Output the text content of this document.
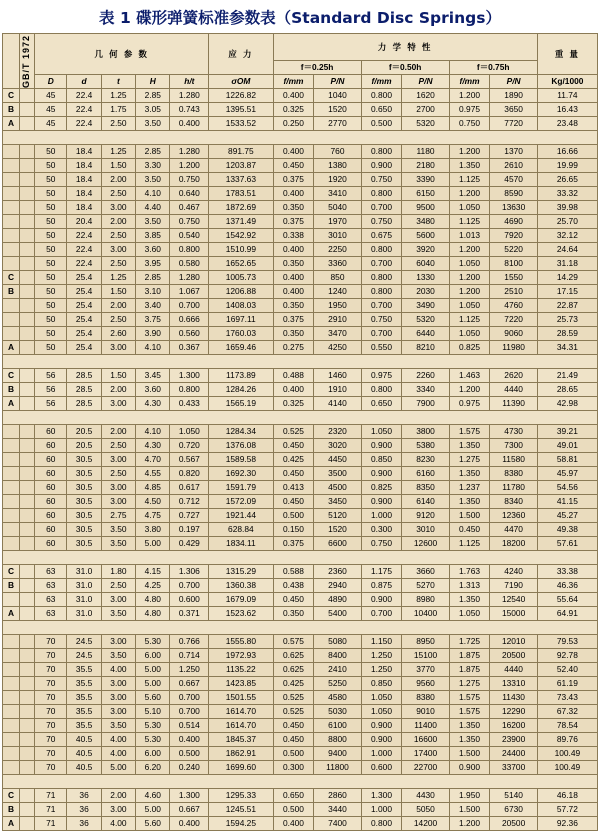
表 1 碟形弹簧标准参数表（Standard Disc Springs）

	GB/T 1972	几 何 参 数					应 力	力 学 特 性						重 量
								f＝0.25h		f＝0.50h		f＝0.75h		
		D	d	t	H	h/t	σOM	f/mm	P/N	f/mm	P/N	f/mm	P/N	Kg/1000
C		45	22.4	1.25	2.85	1.280	1226.82	0.400	1040	0.800	1620	1.200	1890	11.74
B		45	22.4	1.75	3.05	0.743	1395.51	0.325	1520	0.650	2700	0.975	3650	16.43
A		45	22.4	2.50	3.50	0.400	1533.52	0.250	2770	0.500	5320	0.750	7720	23.48

		50	18.4	1.25	2.85	1.280	891.75	0.400	760	0.800	1180	1.200	1370	16.66
		50	18.4	1.50	3.30	1.200	1203.87	0.450	1380	0.900	2180	1.350	2610	19.99
		50	18.4	2.00	3.50	0.750	1337.63	0.375	1920	0.750	3390	1.125	4570	26.65
		50	18.4	2.50	4.10	0.640	1783.51	0.400	3410	0.800	6150	1.200	8590	33.32
		50	18.4	3.00	4.40	0.467	1872.69	0.350	5040	0.700	9500	1.050	13630	39.98
		50	20.4	2.00	3.50	0.750	1371.49	0.375	1970	0.750	3480	1.125	4690	25.70
		50	22.4	2.50	3.85	0.540	1542.92	0.338	3010	0.675	5600	1.013	7920	32.12
		50	22.4	3.00	3.60	0.800	1510.99	0.400	2250	0.800	3920	1.200	5220	24.64
		50	22.4	2.50	3.95	0.580	1652.65	0.350	3360	0.700	6040	1.050	8100	31.18
C		50	25.4	1.25	2.85	1.280	1005.73	0.400	850	0.800	1330	1.200	1550	14.29
B		50	25.4	1.50	3.10	1.067	1206.88	0.400	1240	0.800	2030	1.200	2510	17.15
		50	25.4	2.00	3.40	0.700	1408.03	0.350	1950	0.700	3490	1.050	4760	22.87
		50	25.4	2.50	3.75	0.666	1697.11	0.375	2910	0.750	5320	1.125	7220	25.73
		50	25.4	2.60	3.90	0.560	1760.03	0.350	3470	0.700	6440	1.050	9060	28.59
A		50	25.4	3.00	4.10	0.367	1659.46	0.275	4250	0.550	8210	0.825	11980	34.31

C		56	28.5	1.50	3.45	1.300	1173.89	0.488	1460	0.975	2260	1.463	2620	21.49
B		56	28.5	2.00	3.60	0.800	1284.26	0.400	1910	0.800	3340	1.200	4440	28.65
A		56	28.5	3.00	4.30	0.433	1565.19	0.325	4140	0.650	7900	0.975	11390	42.98

		60	20.5	2.00	4.10	1.050	1284.34	0.525	2320	1.050	3800	1.575	4730	39.21
		60	20.5	2.50	4.30	0.720	1376.08	0.450	3020	0.900	5380	1.350	7300	49.01
		60	30.5	3.00	4.70	0.567	1589.58	0.425	4450	0.850	8230	1.275	11580	58.81
		60	30.5	2.50	4.55	0.820	1692.30	0.450	3500	0.900	6160	1.350	8380	45.97
		60	30.5	3.00	4.85	0.617	1591.79	0.413	4500	0.825	8350	1.237	11780	54.56
		60	30.5	3.00	4.50	0.712	1572.09	0.450	3450	0.900	6140	1.350	8340	41.15
		60	30.5	2.75	4.75	0.727	1921.44	0.500	5120	1.000	9120	1.500	12360	45.27
		60	30.5	3.50	3.80	0.197	628.84	0.150	1520	0.300	3010	0.450	4470	49.38
		60	30.5	3.50	5.00	0.429	1834.11	0.375	6600	0.750	12600	1.125	18200	57.61

C		63	31.0	1.80	4.15	1.306	1315.29	0.588	2360	1.175	3660	1.763	4240	33.38
B		63	31.0	2.50	4.25	0.700	1360.38	0.438	2940	0.875	5270	1.313	7190	46.36
		63	31.0	3.00	4.80	0.600	1679.09	0.450	4890	0.900	8980	1.350	12540	55.64
A		63	31.0	3.50	4.80	0.371	1523.62	0.350	5400	0.700	10400	1.050	15000	64.91

		70	24.5	3.00	5.30	0.766	1555.80	0.575	5080	1.150	8950	1.725	12010	79.53
		70	24.5	3.50	6.00	0.714	1972.93	0.625	8400	1.250	15100	1.875	20500	92.78
		70	35.5	4.00	5.00	1.250	1135.22	0.625	2410	1.250	3770	1.875	4440	52.40
		70	35.5	3.00	5.00	0.667	1423.85	0.425	5250	0.850	9560	1.275	13310	61.19
		70	35.5	3.00	5.60	0.700	1501.55	0.525	4580	1.050	8380	1.575	11430	73.43
		70	35.5	3.00	5.10	0.700	1614.70	0.525	5030	1.050	9010	1.575	12290	67.32
		70	35.5	3.50	5.30	0.514	1614.70	0.450	6100	0.900	11400	1.350	16200	78.54
		70	40.5	4.00	5.30	0.400	1845.37	0.450	8800	0.900	16600	1.350	23900	89.76
		70	40.5	4.00	6.00	0.500	1862.91	0.500	9400	1.000	17400	1.500	24400	100.49
		70	40.5	5.00	6.20	0.240	1699.60	0.300	11800	0.600	22700	0.900	33700	100.49

C		71	36	2.00	4.60	1.300	1295.33	0.650	2860	1.300	4430	1.950	5140	46.18
B		71	36	3.00	5.00	0.667	1245.51	0.500	3440	1.000	5050	1.500	6730	57.72
A		71	36	4.00	5.60	0.400	1594.25	0.400	7400	0.800	14200	1.200	20500	92.36
